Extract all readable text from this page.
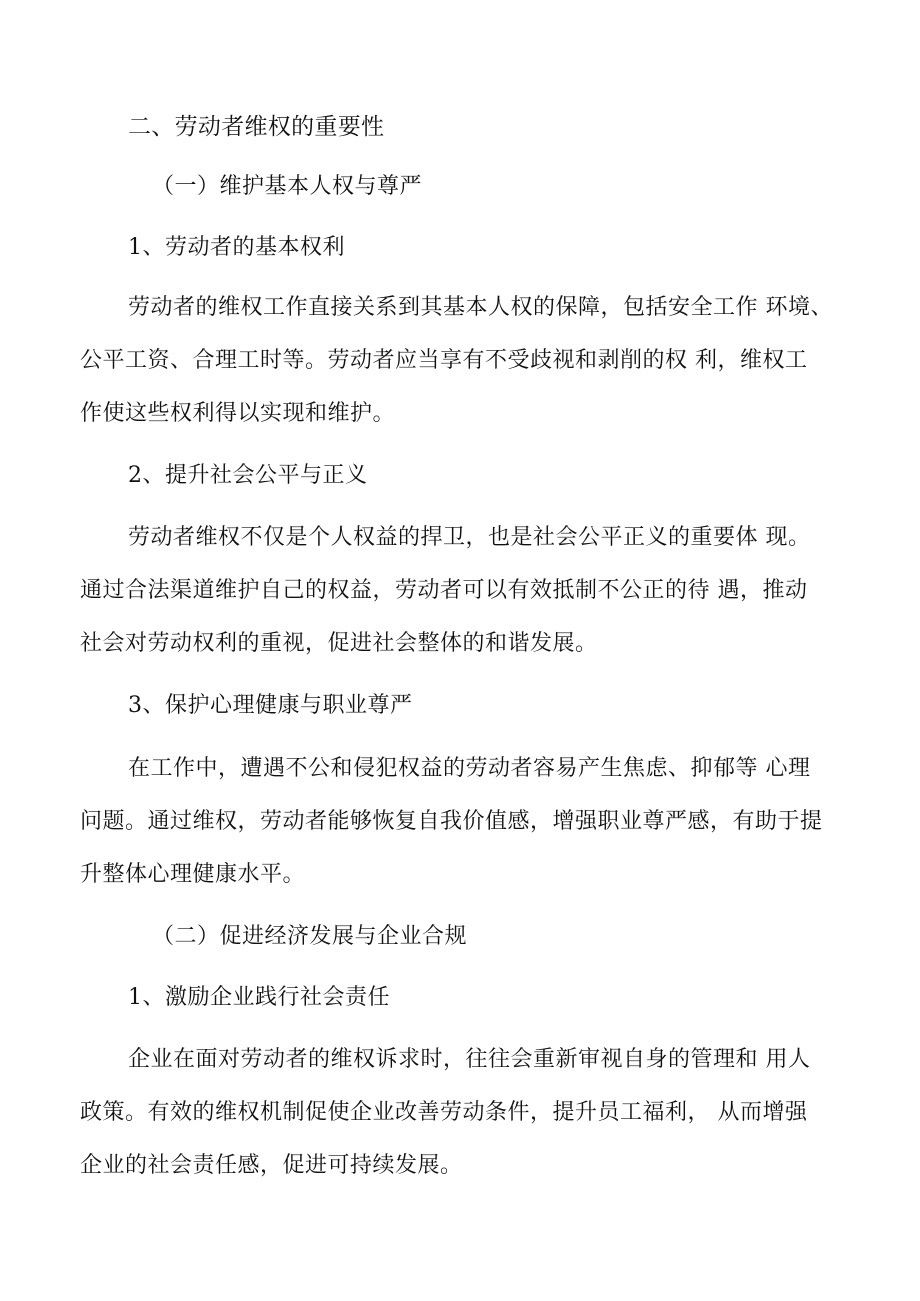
二、劳动者维权的重要性
（一）维护基本人权与尊严
1、劳动者的基本权利
劳动者的维权工作直接关系到其基本人权的保障，包括安全工作 环境、
公平工资、合理工时等。劳动者应当享有不受歧视和剥削的权 利，维权工
作使这些权利得以实现和维护。
2、提升社会公平与正义
劳动者维权不仅是个人权益的捍卫，也是社会公平正义的重要体 现。
通过合法渠道维护自己的权益，劳动者可以有效抵制不公正的待 遇，推动
社会对劳动权利的重视，促进社会整体的和谐发展。
3、保护心理健康与职业尊严
在工作中，遭遇不公和侵犯权益的劳动者容易产生焦虑、抑郁等 心理
问题。通过维权，劳动者能够恢复自我价值感，增强职业尊严感，有助于提
升整体心理健康水平。
（二）促进经济发展与企业合规
1、激励企业践行社会责任
企业在面对劳动者的维权诉求时，往往会重新审视自身的管理和 用人
政策。有效的维权机制促使企业改善劳动条件，提升员工福利， 从而增强
企业的社会责任感，促进可持续发展。
